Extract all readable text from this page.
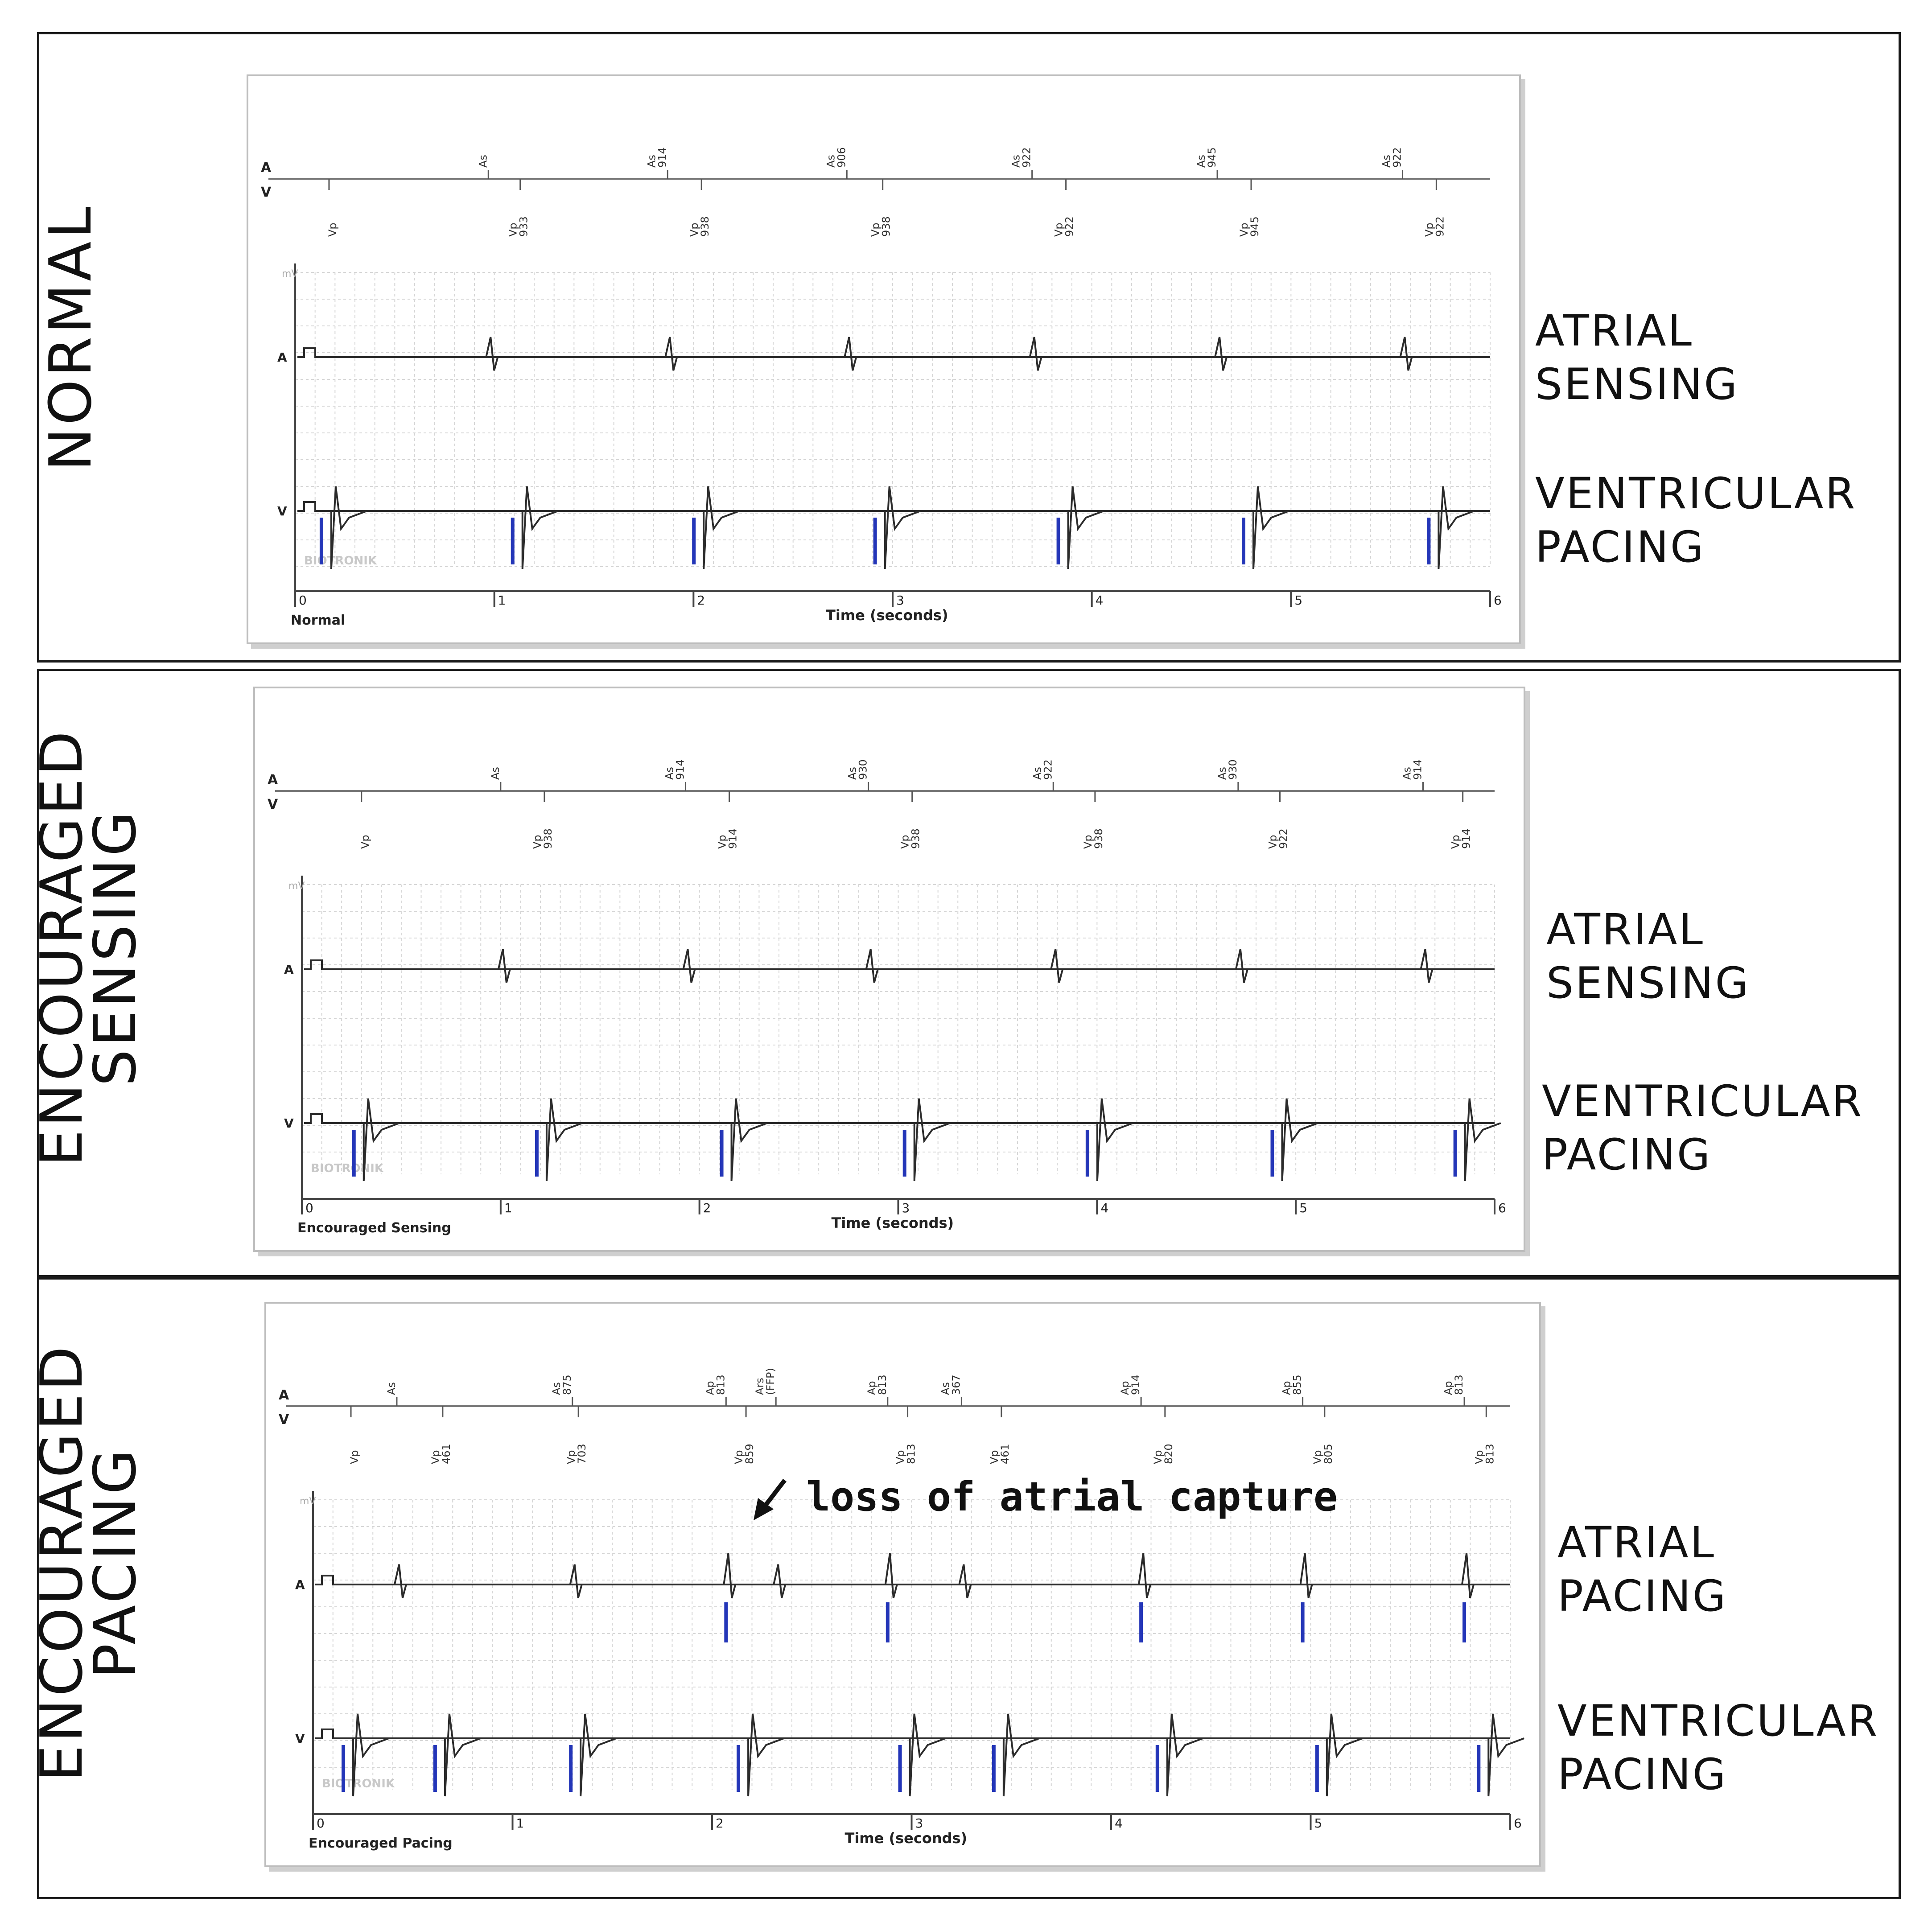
NORMAL
A
V
As	As
914	As
906	As
922	As
945	As
922
Vp	Vp
933	Vp
938	Vp
938	Vp
922	Vp
945	Vp
922
mV
A
V
BIOTRONIK
0	1	2	3	4	5	6
Time (seconds)
Normal
ATRIAL
SENSING
VENTRICULAR
PACING
ENCOURAGED
SENSING
A
V
As	As
914	As
930	As
922	As
930	As
914
Vp	Vp
938	Vp
914	Vp
938	Vp
938	Vp
922	Vp
914
mV
A
V
BIOTRONIK
0	1	2	3	4	5	6
Time (seconds)
Encouraged Sensing
ATRIAL
SENSING
VENTRICULAR
PACING
ENCOURAGED
PACING
A
V
As	As
875	Ap
813 Ars
(FFP)	Ap
813	As
367	Ap
914	Ap
855	Ap
813
Vp	Vp
461	Vp
703	Vp
859	Vp
813	Vp
461	Vp
820	Vp
805	Vp
813
mV
A
V
BIOTRONIK
0	1	2	3	4	5	6
Time (seconds)
Encouraged Pacing
loss of atrial capture
ATRIAL
PACING
VENTRICULAR
PACING
